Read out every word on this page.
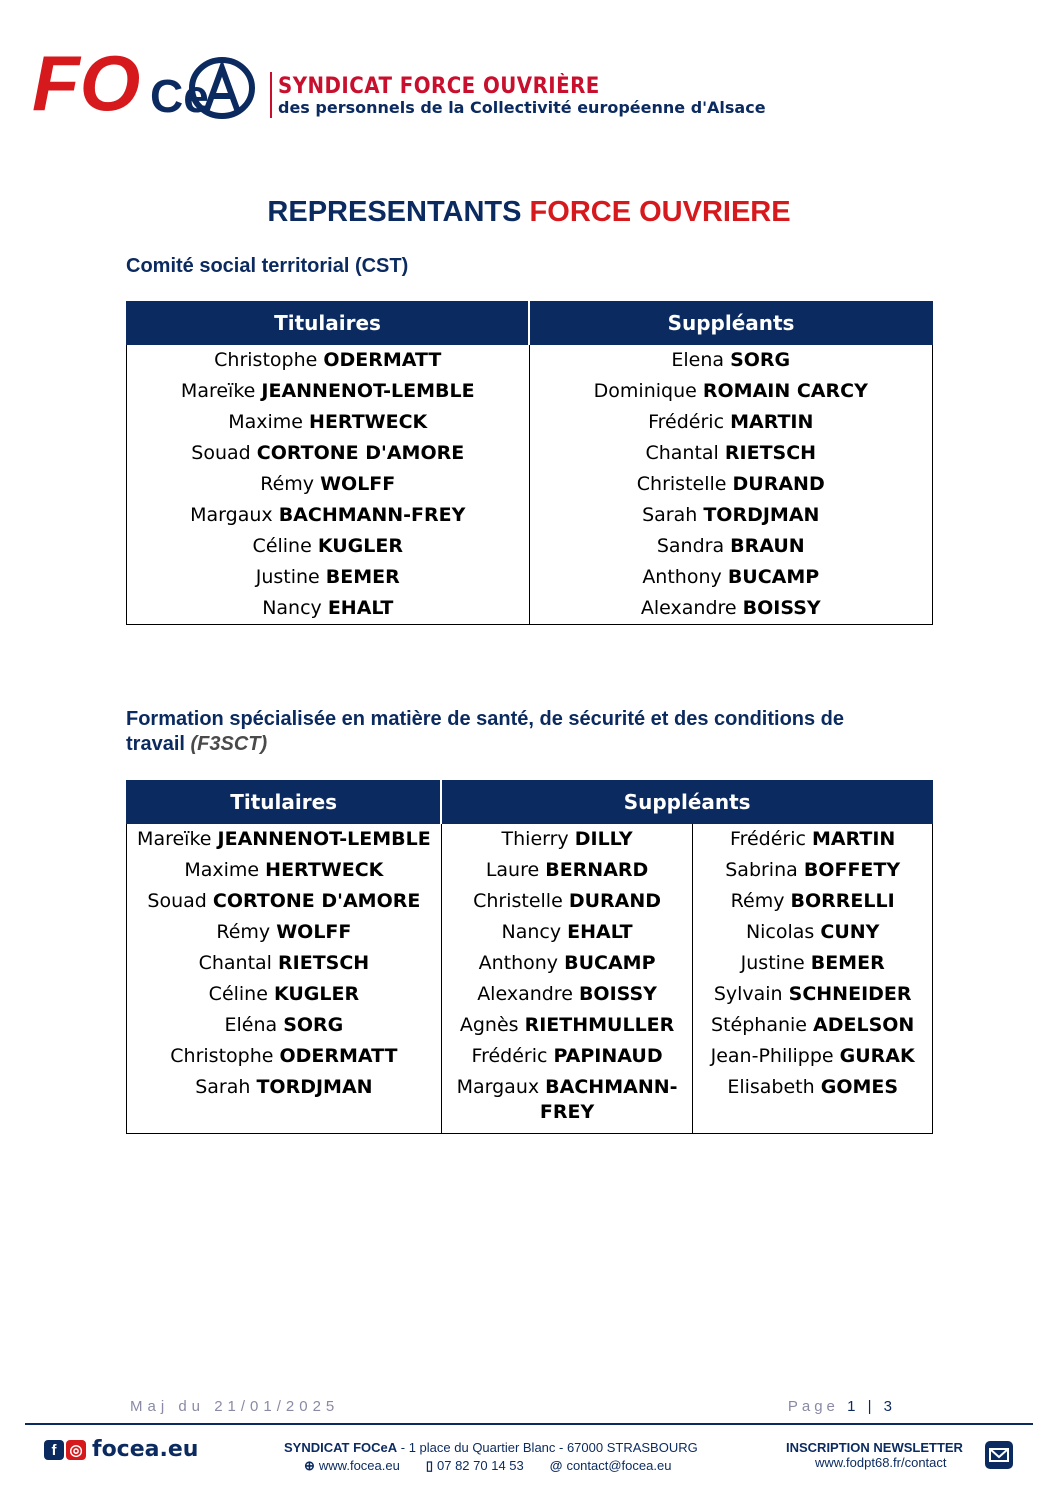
FO Ce	SYNDICAT FORCE OUVRIÈRE
des personnels de la Collectivité européenne d'Alsace
REPRESENTANTS FORCE OUVRIERE
Comité social territorial (CST)
Titulaires	Suppléants
Christophe ODERMATT	Elena SORG
Mareïke JEANNENOT-LEMBLE	Dominique ROMAIN CARCY
Maxime HERTWECK	Frédéric MARTIN
Souad CORTONE D'AMORE	Chantal RIETSCH
Rémy WOLFF	Christelle DURAND
Margaux BACHMANN-FREY	Sarah TORDJMAN
Céline KUGLER	Sandra BRAUN
Justine BEMER	Anthony BUCAMP
Nancy EHALT	Alexandre BOISSY
Formation spécialisée en matière de santé, de sécurité et des conditions de
travail (F3SCT)
Titulaires	Suppléants	
Mareïke JEANNENOT-LEMBLE	Thierry DILLY	Frédéric MARTIN
Maxime HERTWECK	Laure BERNARD	Sabrina BOFFETY
Souad CORTONE D'AMORE	Christelle DURAND	Rémy BORRELLI
Rémy WOLFF	Nancy EHALT	Nicolas CUNY
Chantal RIETSCH	Anthony BUCAMP	Justine BEMER
Céline KUGLER	Alexandre BOISSY	Sylvain SCHNEIDER
Eléna SORG	Agnès RIETHMULLER	Stéphanie ADELSON
Christophe ODERMATT	Frédéric PAPINAUD	Jean-Philippe GURAK
Sarah TORDJMAN	Margaux BACHMANN-FREY	Elisabeth GOMES
Maj du 21/01/2025	Page 1 | 3
f ◎ focea.eu	SYNDICAT FOCeA - 1 place du Quartier Blanc - 67000 STRASBOURG
⊕ www.focea.eu ▯ 07 82 70 14 53 @ contact@focea.eu
INSCRIPTION NEWSLETTER
www.fodpt68.fr/contact
